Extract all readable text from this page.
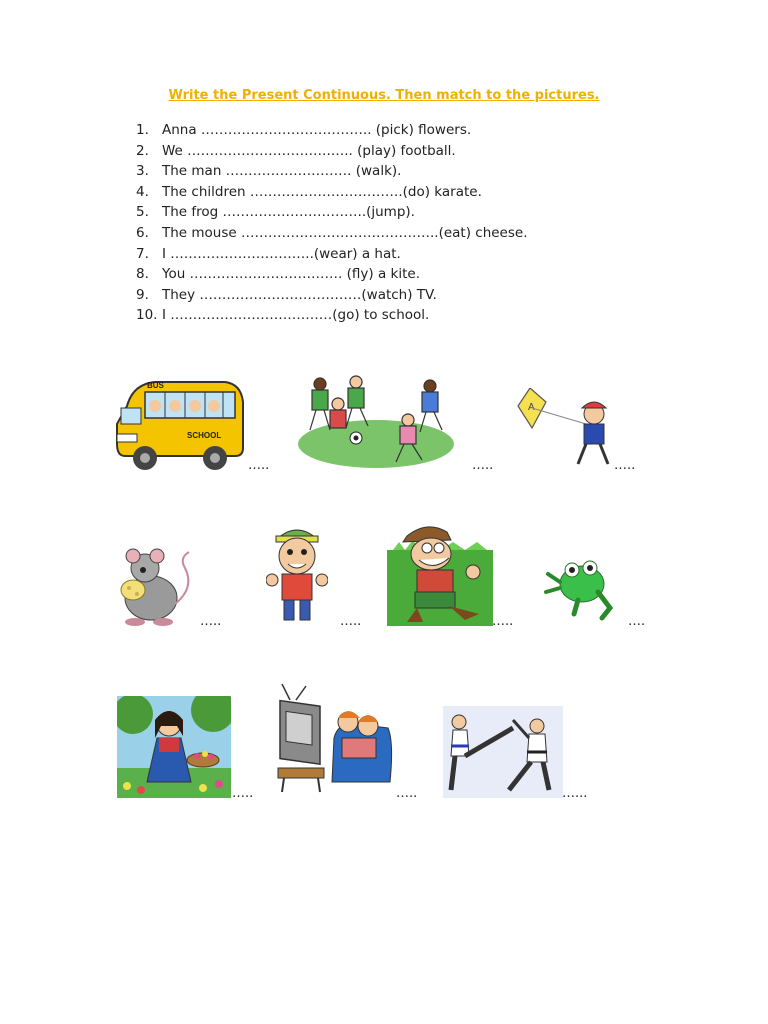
Write the Present Continuous. Then match to the pictures.
1. Anna ……………………………….. (pick) flowers.
2. We ……………………….….….. (play) football.
3. The man ………………………. (walk).
4. The children …………………………….(do) karate.
5. The frog …………………………..(jump).
6. The mouse ……………………………………..(eat) cheese.
7. I …………………………..(wear) a hat.
8. You ……………………………. (fly) a kite.
9. They ………………………………(watch) TV.
10. I ………………………………(go) to school.
BUS
SCHOOL
…..	…..
A
…..
…..	…..	…..	….
…..	…..	…...
